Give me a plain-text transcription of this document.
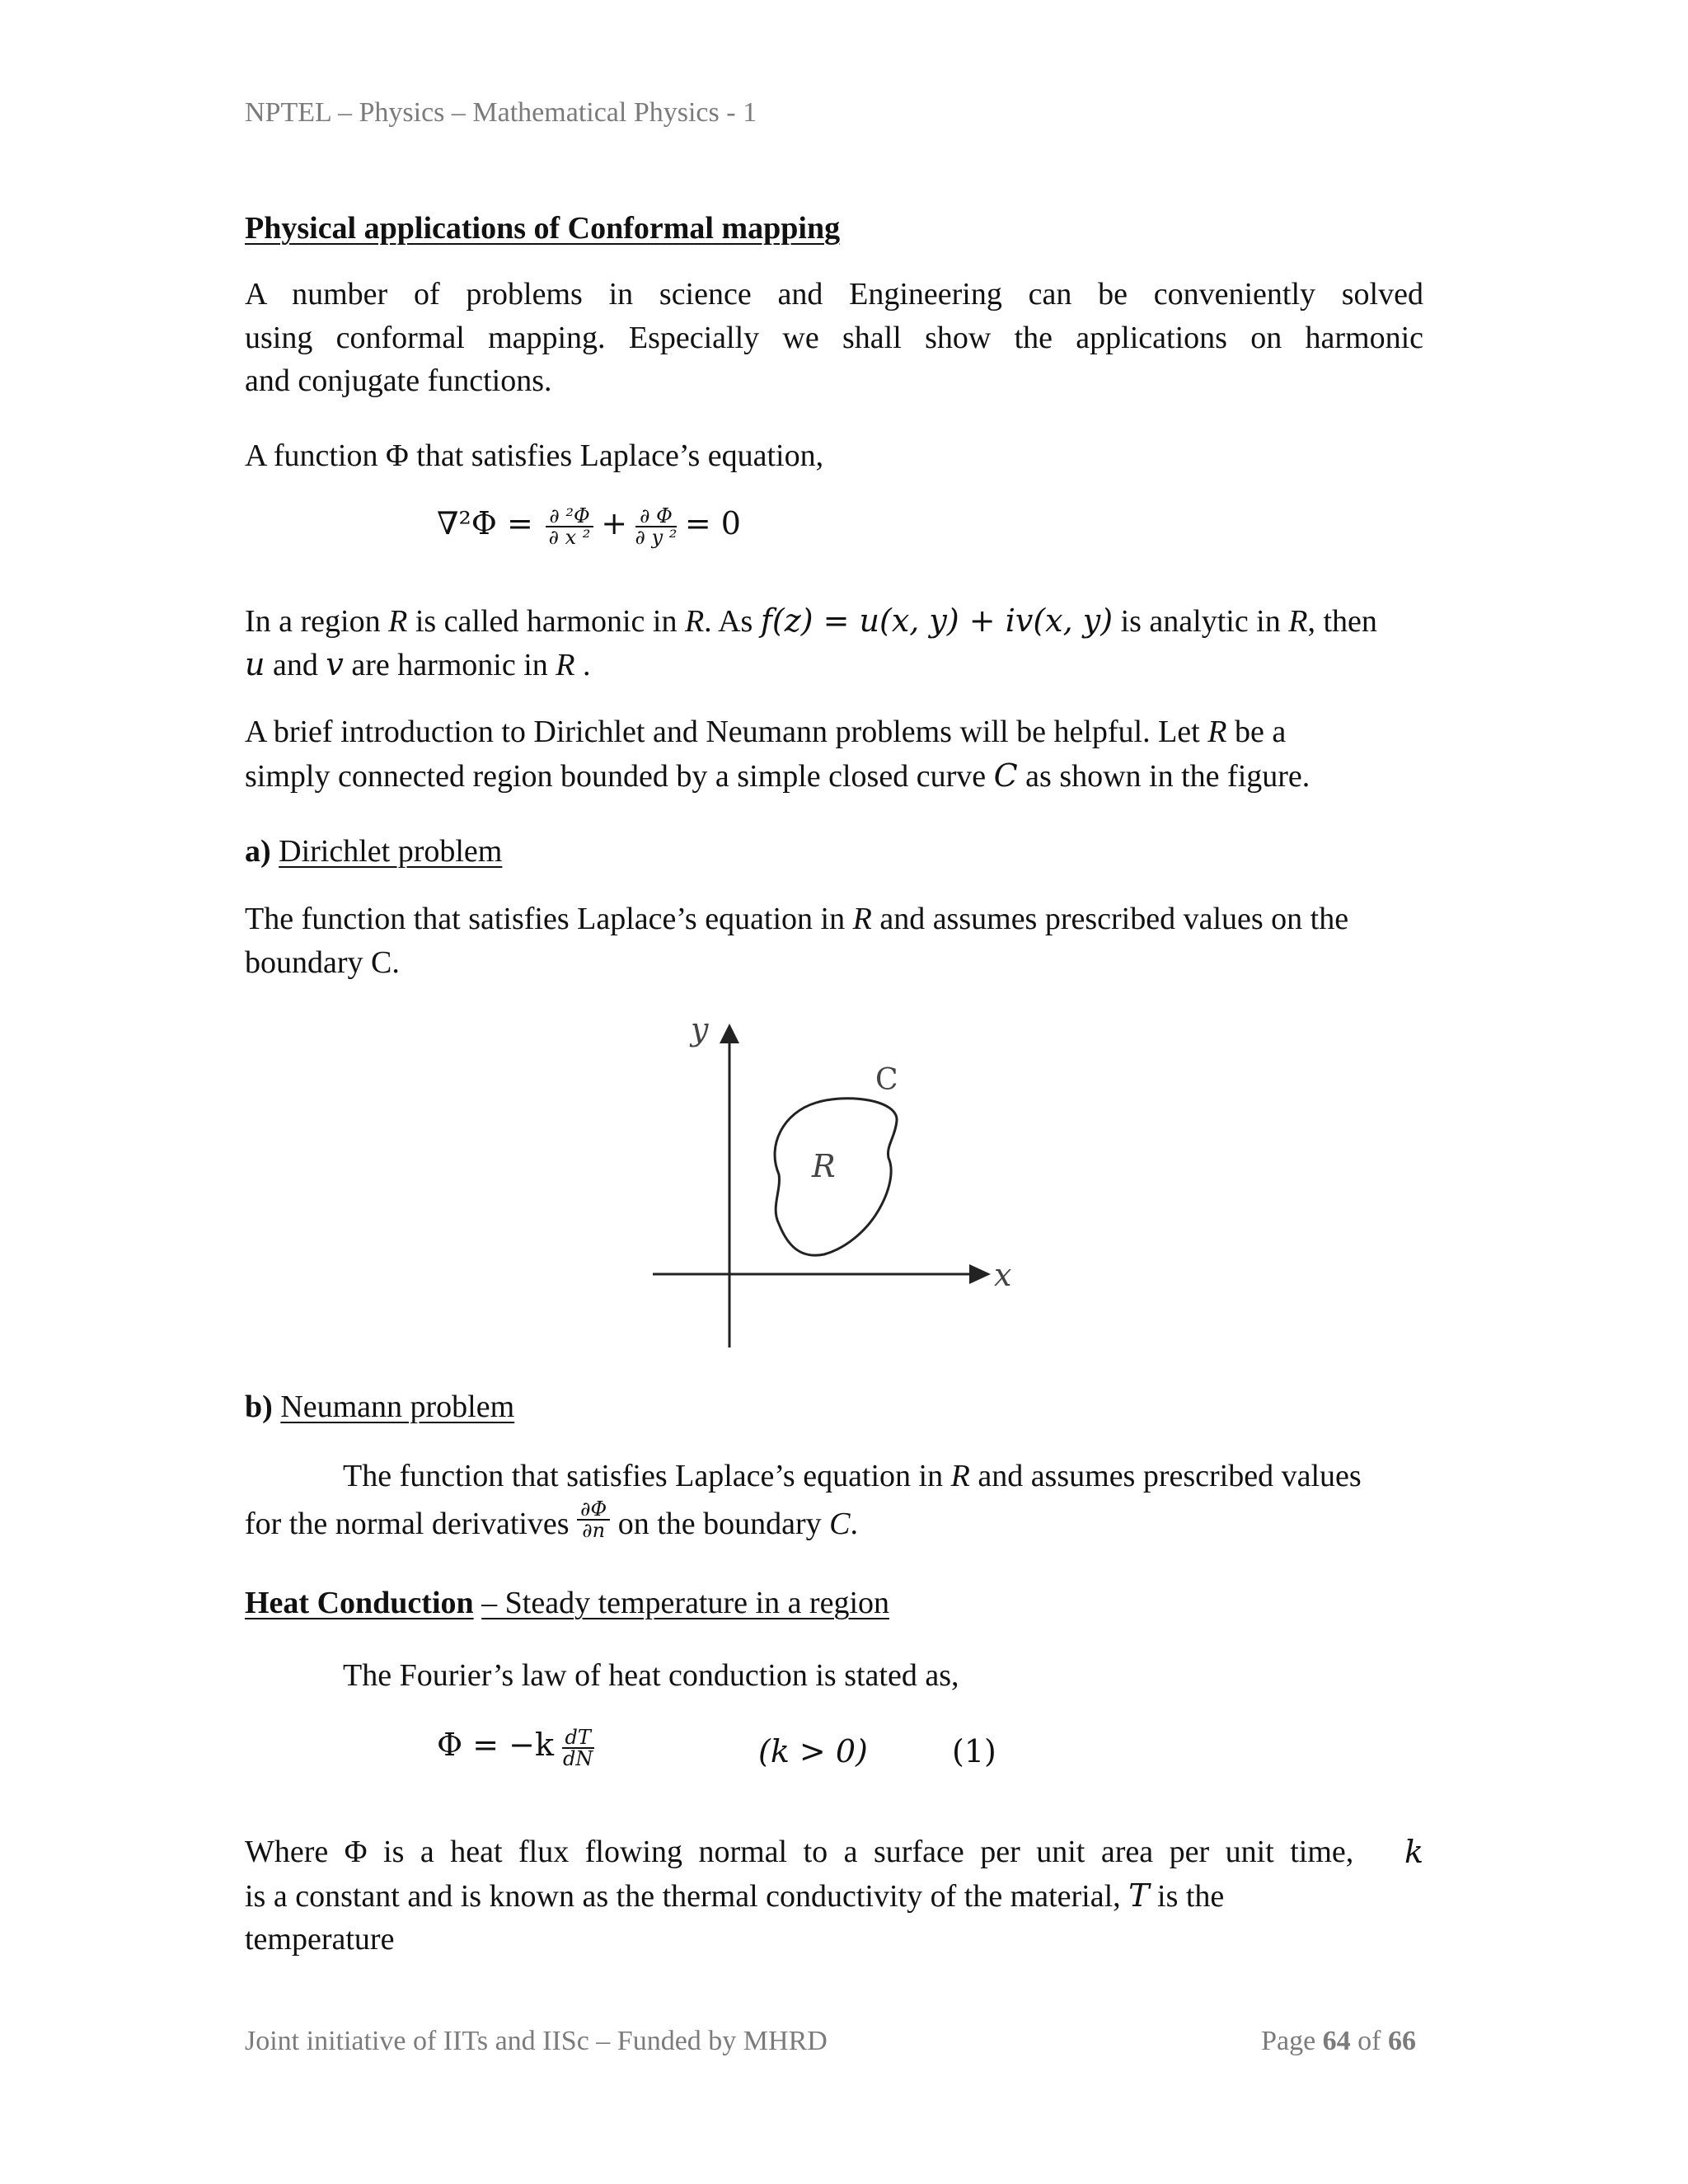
NPTEL – Physics – Mathematical Physics - 1
Physical applications of Conformal mapping
A number of problems in science and Engineering can be conveniently solved
using conformal mapping. Especially we shall show the applications on harmonic
and conjugate functions.
A function Φ that satisfies Laplace’s equation,
$\nabla^2\Phi = \frac{\text{∂ ²Φ}}{\text{∂ x ²}} + \frac{\partial \Phi}{\text{∂ y ²}} = 0$
In a region R is called harmonic in R. As f(z) = u(x, y) + iv(x, y) is analytic in R, then
u and v are harmonic in R .
A brief introduction to Dirichlet and Neumann problems will be helpful. Let R be a
simply connected region bounded by a simple closed curve C as shown in the figure.
a) Dirichlet problem
The function that satisfies Laplace’s equation in R and assumes prescribed values on the
boundary C.
y
x
C
R
b) Neumann problem
The function that satisfies Laplace’s equation in R and assumes prescribed values
for the normal derivatives $\frac{\partial\Phi}{\partial n}$ on the boundary C.
Heat Conduction – Steady temperature in a region
The Fourier’s law of heat conduction is stated as,
$\Phi = -k \frac{dT}{dN}$	(k > 0)	(1)
Where Φ is a heat flux flowing normal to a surface per unit area per unit time, k
is a constant and is known as the thermal conductivity of the material, T is the
temperature
Joint initiative of IITs and IISc – Funded by MHRD	Page 64 of 66
